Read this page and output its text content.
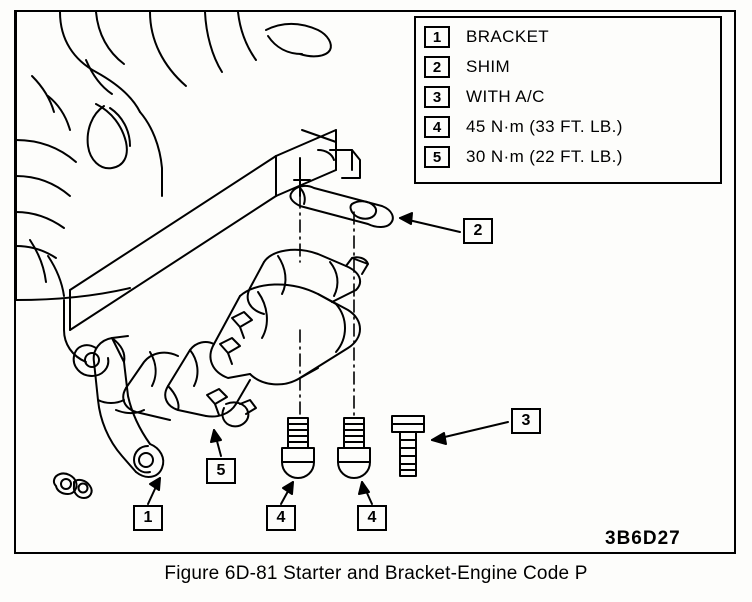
1	BRACKET
2	SHIM
3	WITH A/C
4	45 N·m (33 FT. LB.)
5	30 N·m (22 FT. LB.)
2
3
5
1	4	4
3B6D27
Figure 6D-81 Starter and Bracket-Engine Code P
